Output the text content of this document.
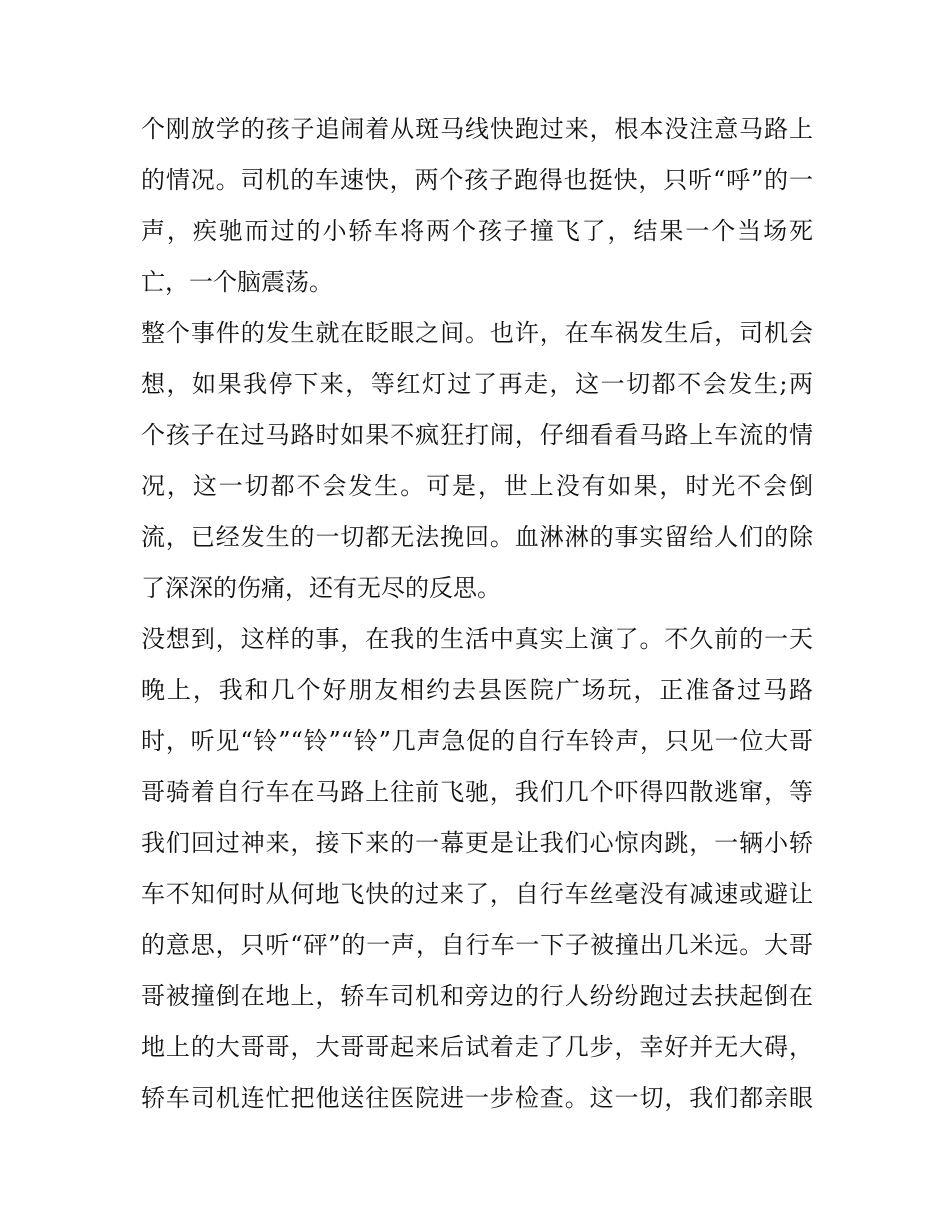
个刚放学的孩子追闹着从斑马线快跑过来，根本没注意马路上
的情况。司机的车速快，两个孩子跑得也挺快，只听“呼”的一
声，疾驰而过的小轿车将两个孩子撞飞了，结果一个当场死
亡，一个脑震荡。
整个事件的发生就在眨眼之间。也许，在车祸发生后，司机会
想，如果我停下来，等红灯过了再走，这一切都不会发生;两
个孩子在过马路时如果不疯狂打闹，仔细看看马路上车流的情
况，这一切都不会发生。可是，世上没有如果，时光不会倒
流，已经发生的一切都无法挽回。血淋淋的事实留给人们的除
了深深的伤痛，还有无尽的反思。
没想到，这样的事，在我的生活中真实上演了。不久前的一天
晚上，我和几个好朋友相约去县医院广场玩，正准备过马路
时，听见“铃”“铃”“铃”几声急促的自行车铃声，只见一位大哥
哥骑着自行车在马路上往前飞驰，我们几个吓得四散逃窜，等
我们回过神来，接下来的一幕更是让我们心惊肉跳，一辆小轿
车不知何时从何地飞快的过来了，自行车丝毫没有减速或避让
的意思，只听“砰”的一声，自行车一下子被撞出几米远。大哥
哥被撞倒在地上，轿车司机和旁边的行人纷纷跑过去扶起倒在
地上的大哥哥，大哥哥起来后试着走了几步，幸好并无大碍，
轿车司机连忙把他送往医院进一步检查。这一切，我们都亲眼
